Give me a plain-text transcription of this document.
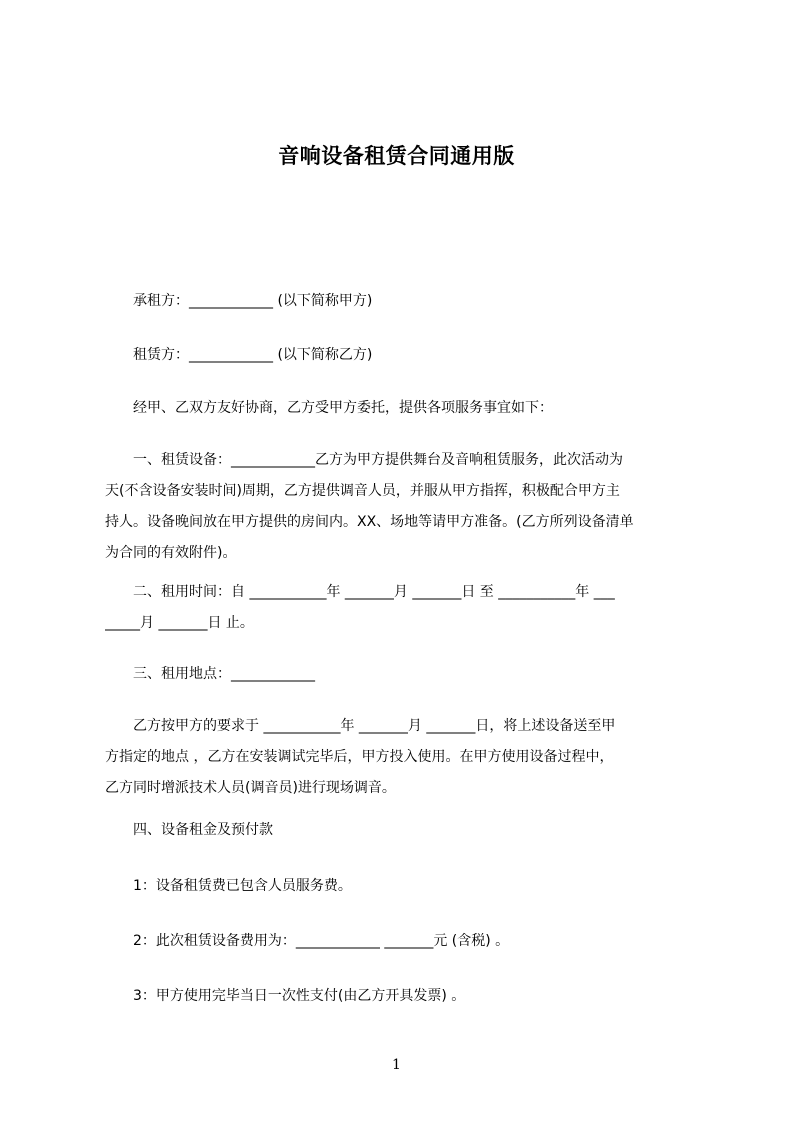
音响设备租赁合同通用版
　　承租方：____________ (以下简称甲方)
　　租赁方：____________ (以下简称乙方)
　　经甲、乙双方友好协商，乙方受甲方委托，提供各项服务事宜如下：
　　一、租赁设备：____________乙方为甲方提供舞台及音响租赁服务，此次活动为
天(不含设备安装时间)周期，乙方提供调音人员，并服从甲方指挥，积极配合甲方主
持人。设备晚间放在甲方提供的房间内。XX、场地等请甲方准备。(乙方所列设备清单
为合同的有效附件)。
　　二、租用时间：自 ___________年 _______月 _______日 至 ___________年 ___
_____月 _______日 止。
　　三、租用地点：____________
　　乙方按甲方的要求于 ___________年 _______月 _______日，将上述设备送至甲
方指定的地点 ，乙方在安装调试完毕后，甲方投入使用。在甲方使用设备过程中，
乙方同时增派技术人员(调音员)进行现场调音。
　　四、设备租金及预付款
　　1：设备租赁费已包含人员服务费。
　　2：此次租赁设备费用为：____________ _______元 (含税) 。
　　3：甲方使用完毕当日一次性支付(由乙方开具发票) 。
1
